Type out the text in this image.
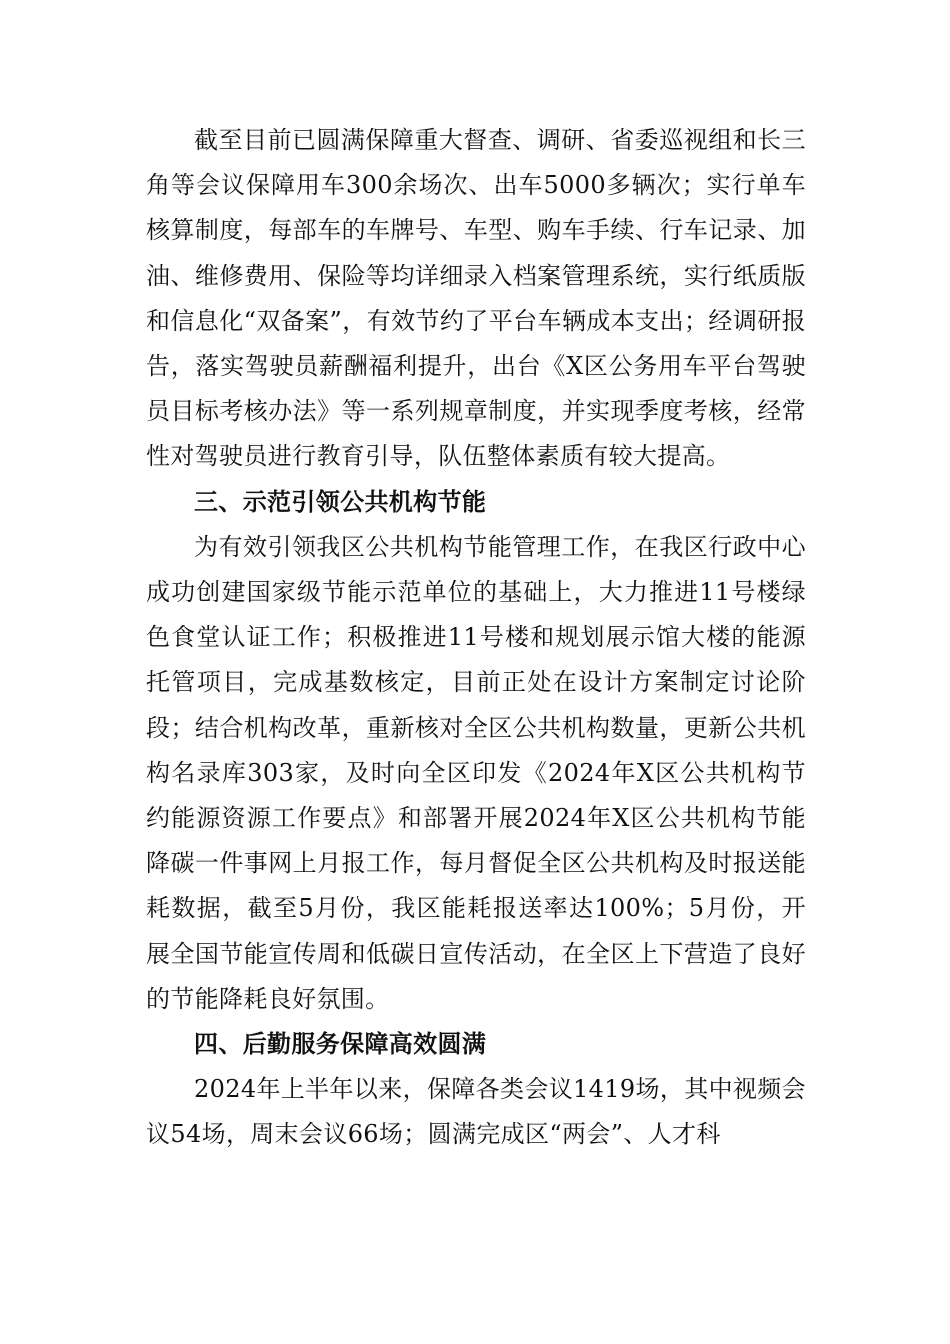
截至目前已圆满保障重大督查、调研、省委巡视组和长三角等会议保障用车300余场次、出车5000多辆次；实行单车核算制度，每部车的车牌号、车型、购车手续、行车记录、加油、维修费用、保险等均详细录入档案管理系统，实行纸质版和信息化“双备案”，有效节约了平台车辆成本支出；经调研报告，落实驾驶员薪酬福利提升，出台《X区公务用车平台驾驶员目标考核办法》等一系列规章制度，并实现季度考核，经常性对驾驶员进行教育引导，队伍整体素质有较大提高。

三、示范引领公共机构节能

为有效引领我区公共机构节能管理工作，在我区行政中心成功创建国家级节能示范单位的基础上，大力推进11号楼绿色食堂认证工作；积极推进11号楼和规划展示馆大楼的能源托管项目，完成基数核定，目前正处在设计方案制定讨论阶段；结合机构改革，重新核对全区公共机构数量，更新公共机构名录库303家，及时向全区印发《2024年X区公共机构节约能源资源工作要点》和部署开展2024年X区公共机构节能降碳一件事网上月报工作，每月督促全区公共机构及时报送能耗数据，截至5月份，我区能耗报送率达100%；5月份，开展全国节能宣传周和低碳日宣传活动，在全区上下营造了良好的节能降耗良好氛围。

四、后勤服务保障高效圆满

2024年上半年以来，保障各类会议1419场，其中视频会议54场，周末会议66场；圆满完成区“两会”、人才科
